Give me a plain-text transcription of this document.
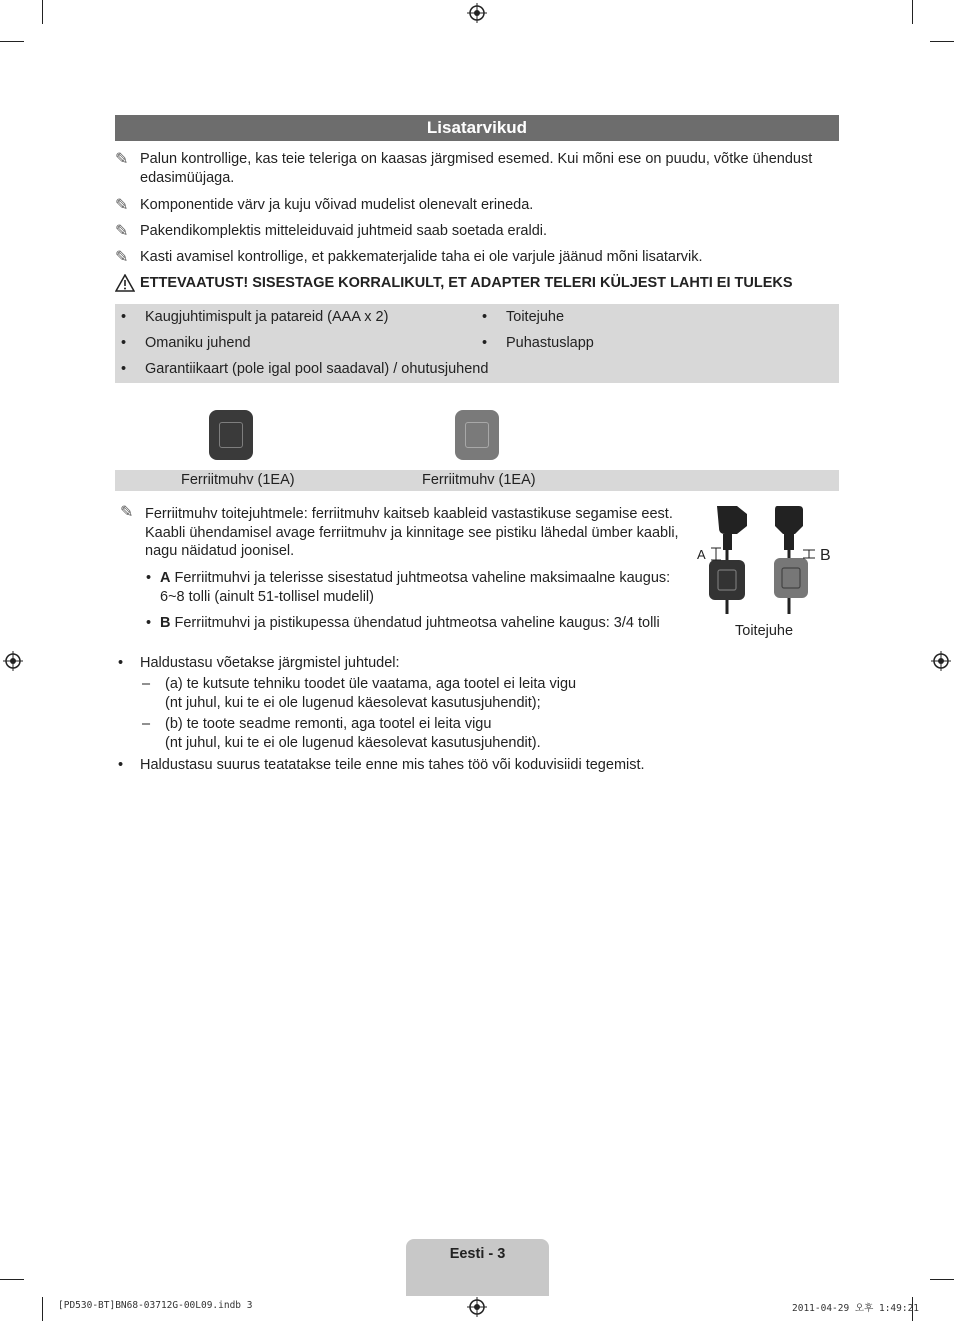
Lisatarvikud
✎ Palun kontrollige, kas teie teleriga on kaasas järgmised esemed. Kui mõni ese on puudu, võtke ühendust edasimüüjaga.
✎ Komponentide värv ja kuju võivad mudelist olenevalt erineda.
✎ Pakendikomplektis mitteleiduvaid juhtmeid saab soetada eraldi.
✎ Kasti avamisel kontrollige, et pakkematerjalide taha ei ole varjule jäänud mõni lisatarvik.
ETTEVAATUST! SISESTAGE KORRALIKULT, ET ADAPTER TELERI KÜLJEST LAHTI EI TULEKS
• Kaugjuhtimispult ja patareid (AAA x 2)
• Omaniku juhend
• Garantiikaart (pole igal pool saadaval) / ohutusjuhend
• Toitejuhe
• Puhastuslapp
Ferriitmuhv (1EA)	Ferriitmuhv (1EA)
✎ Ferriitmuhv toitejuhtmele: ferriitmuhv kaitseb kaableid vastastikuse segamise eest.
Kaabli ühendamisel avage ferriitmuhv ja kinnitage see pistiku lähedal ümber kaabli,
nagu näidatud joonisel.
• A Ferriitmuhvi ja telerisse sisestatud juhtmeotsa vaheline maksimaalne kaugus:
6~8 tolli (ainult 51-tollisel mudelil)
• B Ferriitmuhvi ja pistikupessa ühendatud juhtmeotsa vaheline kaugus: 3/4 tolli
A	B
Toitejuhe
• Haldustasu võetakse järgmistel juhtudel:
– (a) te kutsute tehniku toodet üle vaatama, aga tootel ei leita vigu
(nt juhul, kui te ei ole lugenud käesolevat kasutusjuhendit);
– (b) te toote seadme remonti, aga tootel ei leita vigu
(nt juhul, kui te ei ole lugenud käesolevat kasutusjuhendit).
• Haldustasu suurus teatatakse teile enne mis tahes töö või koduvisiidi tegemist.
Eesti - 3
[PD530-BT]BN68-03712G-00L09.indb 3	2011-04-29 오후 1:49:21
